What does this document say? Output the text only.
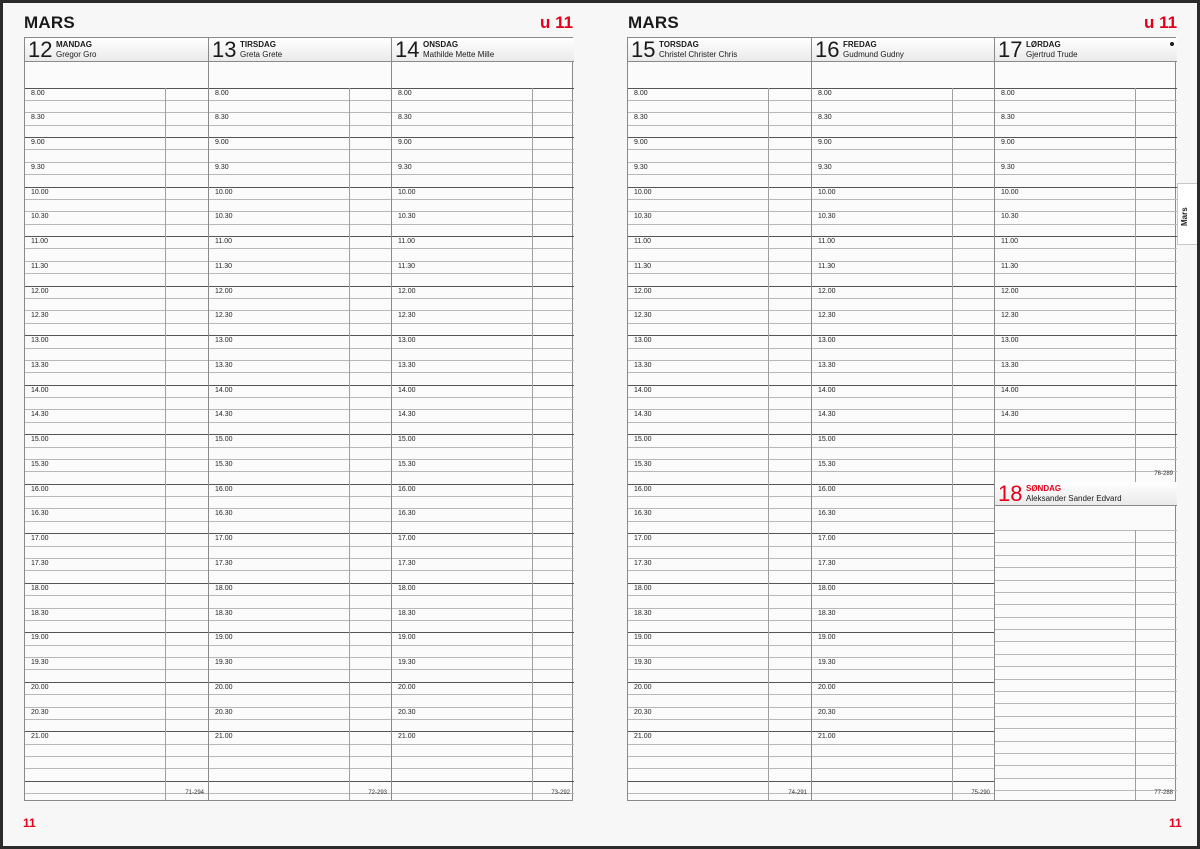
MARS	u 11
12 MANDAG
Gregor Gro
8.00
8.30
9.00
9.30
10.00
10.30
11.00
11.30
12.00
12.30
13.00
13.30
14.00
14.30
15.00
15.30
16.00
16.30
17.00
17.30
18.00
18.30
19.00
19.30
20.00
20.30
21.00
71-294
13 TIRSDAG
Greta Grete
8.00
8.30
9.00
9.30
10.00
10.30
11.00
11.30
12.00
12.30
13.00
13.30
14.00
14.30
15.00
15.30
16.00
16.30
17.00
17.30
18.00
18.30
19.00
19.30
20.00
20.30
21.00
72-293
14 ONSDAG
Mathilde Mette Mille
8.00
8.30
9.00
9.30
10.00
10.30
11.00
11.30
12.00
12.30
13.00
13.30
14.00
14.30
15.00
15.30
16.00
16.30
17.00
17.30
18.00
18.30
19.00
19.30
20.00
20.30
21.00
73-292
11
MARS	u 11
15 TORSDAG
Christel Christer Chris
8.00
8.30
9.00
9.30
10.00
10.30
11.00
11.30
12.00
12.30
13.00
13.30
14.00
14.30
15.00
15.30
16.00
16.30
17.00
17.30
18.00
18.30
19.00
19.30
20.00
20.30
21.00
74-291
16 FREDAG
Gudmund Gudny
8.00
8.30
9.00
9.30
10.00
10.30
11.00
11.30
12.00
12.30
13.00
13.30
14.00
14.30
15.00
15.30
16.00
16.30
17.00
17.30
18.00
18.30
19.00
19.30
20.00
20.30
21.00
75-290
17 LØRDAG
Gjertrud Trude
8.00
8.30
9.00
9.30
10.00
10.30
11.00
11.30
12.00
12.30
13.00
13.30
14.00
14.30
76-289
18 SØNDAG
Aleksander Sander Edvard
77-288
11
Mars
